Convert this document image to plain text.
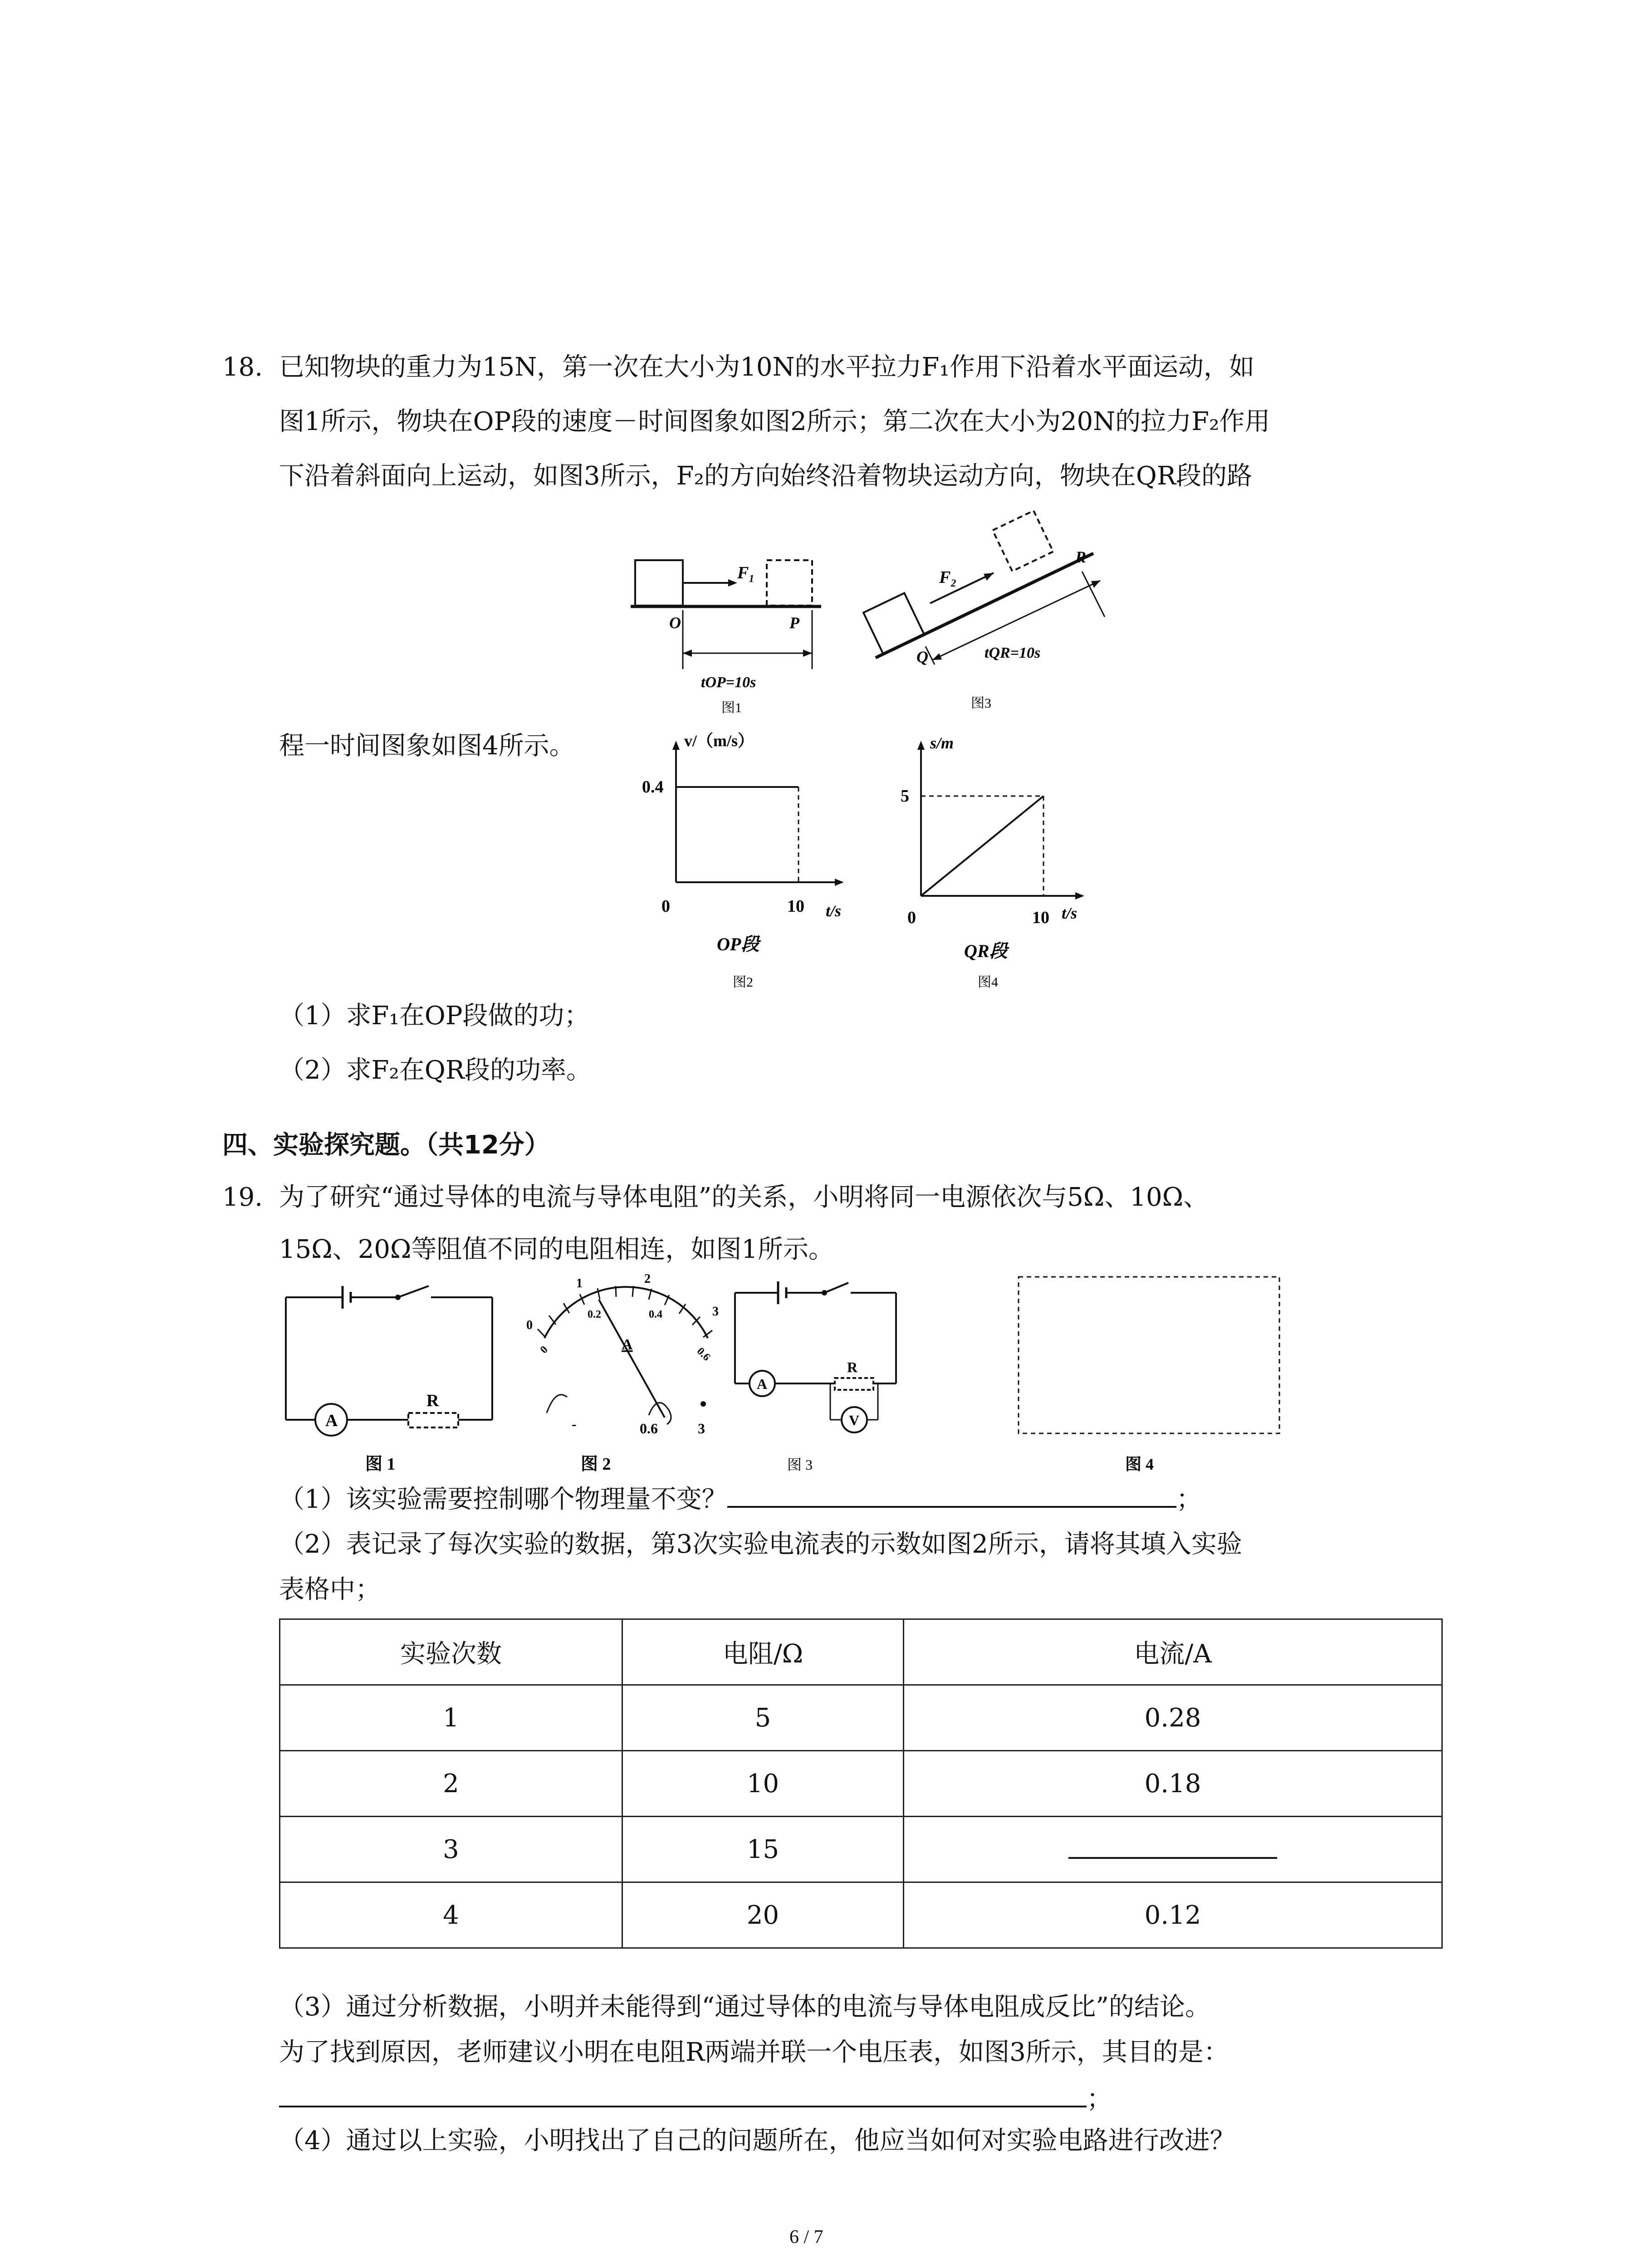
18. 已知物块的重力为15N，第一次在大小为10N的水平拉力F₁作用下沿着水平面运动，如
图1所示，物块在OP段的速度－时间图象如图2所示；第二次在大小为20N的拉力F₂作用
下沿着斜面向上运动，如图3所示，F₂的方向始终沿着物块运动方向，物块在QR段的路
F₁
O	P
tOP=10s
图1
F₂
Q
R
tQR=10s
图3
程一时间图象如图4所示。	v/（m/s）
0.4
0	10 t/s
OP段
图2
s/m
5
0	10 t/s
QR段
图4
（1）求F₁在OP段做的功；
（2）求F₂在QR段的功率。
四、实验探究题。（共12分）
19. 为了研究“通过导体的电流与导体电阻”的关系，小明将同一电源依次与5Ω、10Ω、
15Ω、20Ω等阻值不同的电阻相连，如图1所示。
A
R
图 1
0
1	2
3
0
0.2	0.4
0.6
A
-	0.6	3
图 2
A
R
V
图 3	图 4
（1）该实验需要控制哪个物理量不变？	；
（2）表记录了每次实验的数据，第3次实验电流表的示数如图2所示，请将其填入实验
表格中；
实验次数	电阻/Ω	电流/A
1	5	0.28
2	10	0.18
3	15	
4	20	0.12
（3）通过分析数据，小明并未能得到“通过导体的电流与导体电阻成反比”的结论。
为了找到原因，老师建议小明在电阻R两端并联一个电压表，如图3所示，其目的是：
；
（4）通过以上实验，小明找出了自己的问题所在，他应当如何对实验电路进行改进？
6 / 7
